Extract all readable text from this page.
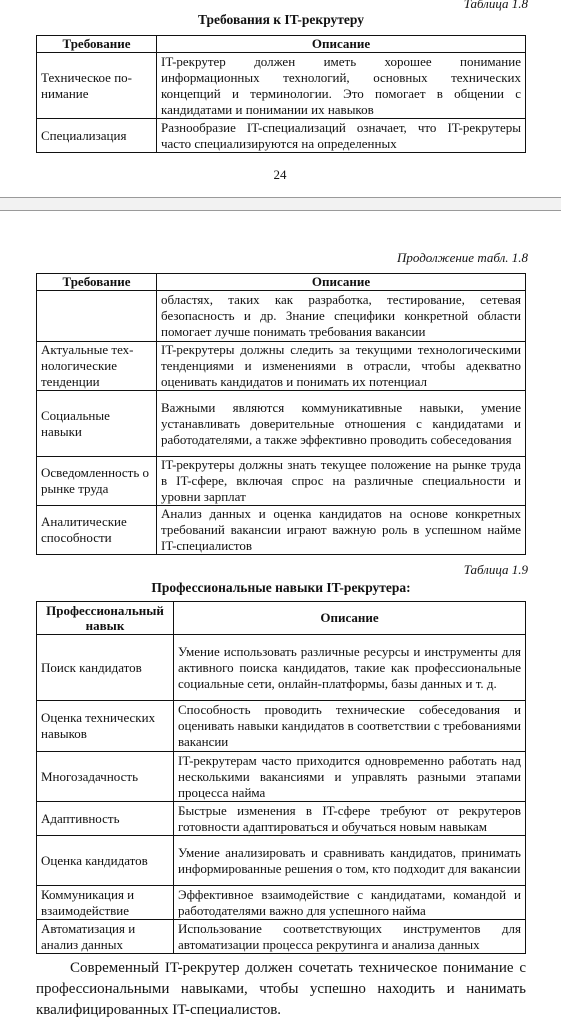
Таблица 1.8
Требования к IT-рекрутеру
Требование	Описание
Техническое по-нимание	IT-рекрутер должен иметь хорошее понимание информационных технологий, основных технических концепций и терминологии. Это помогает в общении с кандидатами и понимании их навыков
Специализация	Разнообразие IT-специализаций означает, что IT-рекрутеры часто специализируются на определенных
24
Продолжение табл. 1.8
Требование	Описание
	областях, таких как разработка, тестирование, сетевая безопасность и др. Знание специфики конкретной области помогает лучше понимать требования вакансии
Актуальные тех-нологические тенденции	IT-рекрутеры должны следить за текущими технологическими тенденциями и изменениями в отрасли, чтобы адекватно оценивать кандидатов и понимать их потенциал
Социальные навыки	Важными являются коммуникативные навыки, умение устанавливать доверительные отношения с кандидатами и работодателями, а также эффективно проводить собеседования
Осведомленность о рынке труда	IT-рекрутеры должны знать текущее положение на рынке труда в IT-сфере, включая спрос на различные специальности и уровни зарплат
Аналитические способности	Анализ данных и оценка кандидатов на основе конкретных требований вакансии играют важную роль в успешном найме IT-специалистов
Таблица 1.9
Профессиональные навыки IT-рекрутера:
Профессиональный навык	Описание
Поиск кандидатов	Умение использовать различные ресурсы и инструменты для активного поиска кандидатов, такие как профессиональные социальные сети, онлайн-платформы, базы данных и т. д.
Оценка технических навыков	Способность проводить технические собеседования и оценивать навыки кандидатов в соответствии с требованиями вакансии
Многозадачность	IT-рекрутерам часто приходится одновременно работать над несколькими вакансиями и управлять разными этапами процесса найма
Адаптивность	Быстрые изменения в IT-сфере требуют от рекрутеров готовности адаптироваться и обучаться новым навыкам
Оценка кандидатов	Умение анализировать и сравнивать кандидатов, принимать информированные решения о том, кто подходит для вакансии
Коммуникация и взаимодействие	Эффективное взаимодействие с кандидатами, командой и работодателями важно для успешного найма
Автоматизация и анализ данных	Использование соответствующих инструментов для автоматизации процесса рекрутинга и анализа данных
Современный IT-рекрутер должен сочетать техническое понимание с профессиональными навыками, чтобы успешно находить и нанимать квалифицированных IT-специалистов.
